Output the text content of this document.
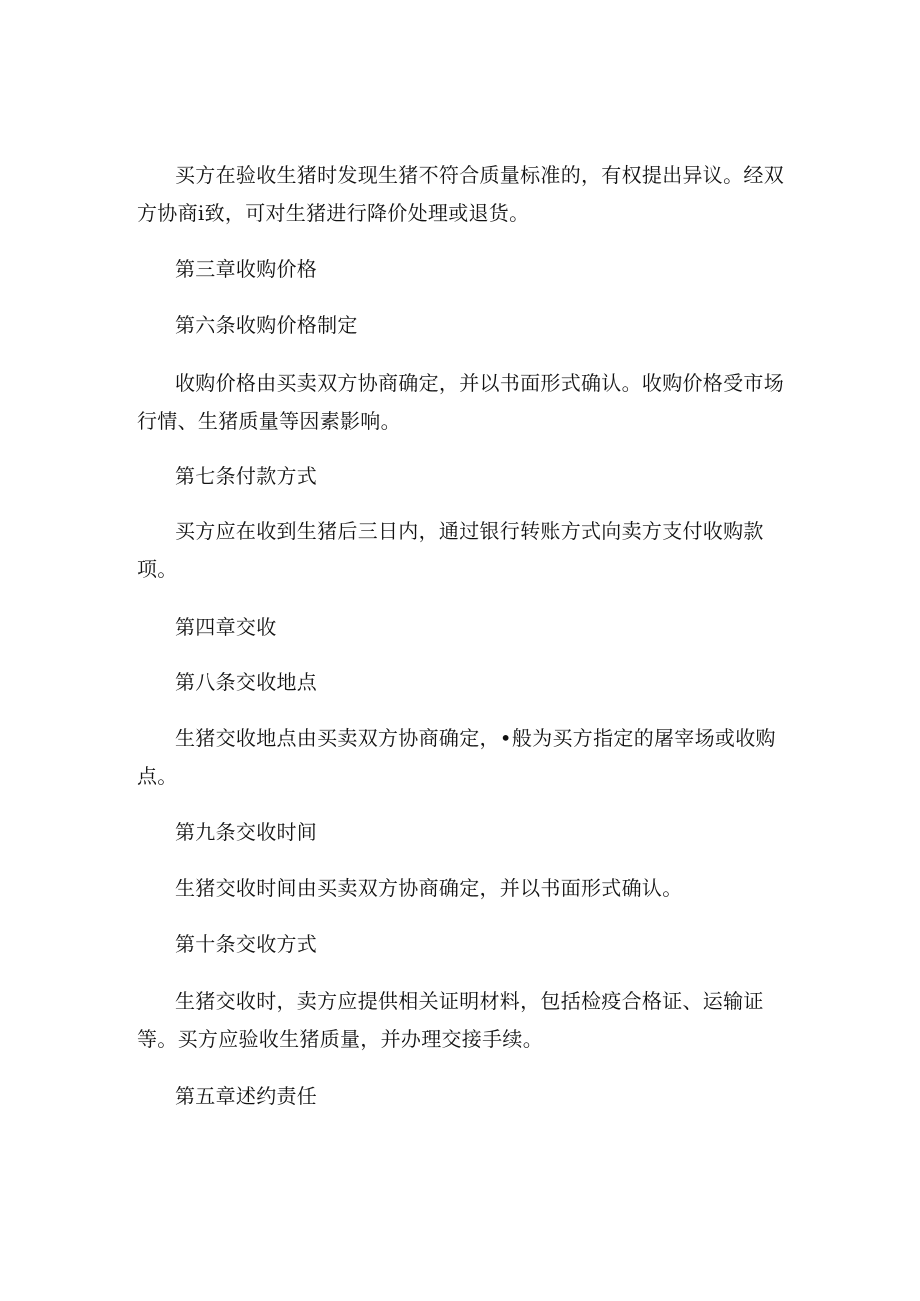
买方在验收生猪时发现生猪不符合质量标准的，有权提出异议。经双方协商i致，可对生猪进行降价处理或退货。

第三章收购价格

第六条收购价格制定

收购价格由买卖双方协商确定，并以书面形式确认。收购价格受市场行情、生猪质量等因素影响。

第七条付款方式

买方应在收到生猪后三日内，通过银行转账方式向卖方支付收购款项。

第四章交收

第八条交收地点

生猪交收地点由买卖双方协商确定，•般为买方指定的屠宰场或收购点。

第九条交收时间

生猪交收时间由买卖双方协商确定，并以书面形式确认。

第十条交收方式

生猪交收时，卖方应提供相关证明材料，包括检疫合格证、运输证等。买方应验收生猪质量，并办理交接手续。

第五章述约责任
